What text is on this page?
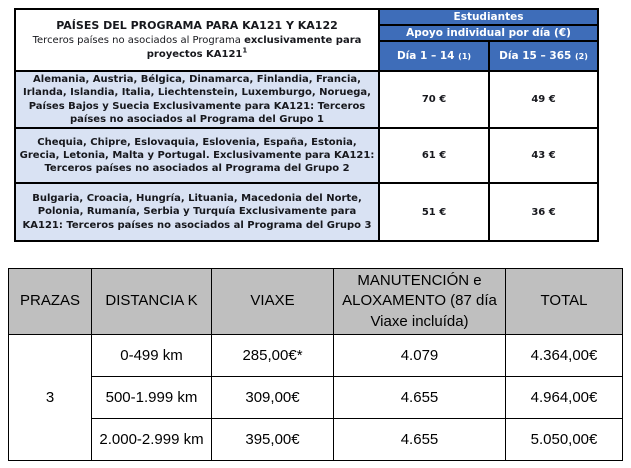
PAÍSES DEL PROGRAMA PARA KA121 Y KA122
Terceros países no asociados al Programa exclusivamente para proyectos $KA121^1$	Estudiantes	
	Apoyo individual por día (€)	
	Día 1 – 14 (1)	Día 15 – 365 (2)
Alemania, Austria, Bélgica, Dinamarca, Finlandia, Francia, Irlanda, Islandia, Italia, Liechtenstein, Luxemburgo, Noruega, Países Bajos y Suecia Exclusivamente para KA121: Terceros países no asociados al Programa del Grupo 1	70 €	49 €
Chequia, Chipre, Eslovaquia, Eslovenia, España, Estonia, Grecia, Letonia, Malta y Portugal. Exclusivamente para KA121: Terceros países no asociados al Programa del Grupo 2	61 €	43 €
Bulgaria, Croacia, Hungría, Lituania, Macedonia del Norte, Polonia, Rumanía, Serbia y Turquía Exclusivamente para KA121: Terceros países no asociados al Programa del Grupo 3	51 €	36 €
PRAZAS	DISTANCIA K	VIAXE	MANUTENCIÓN e ALOXAMENTO (87 día Viaxe incluída)	TOTAL
3	0-499 km	285,00€*	4.079	4.364,00€
	500-1.999 km	309,00€	4.655	4.964,00€
	2.000-2.999 km	395,00€	4.655	5.050,00€
